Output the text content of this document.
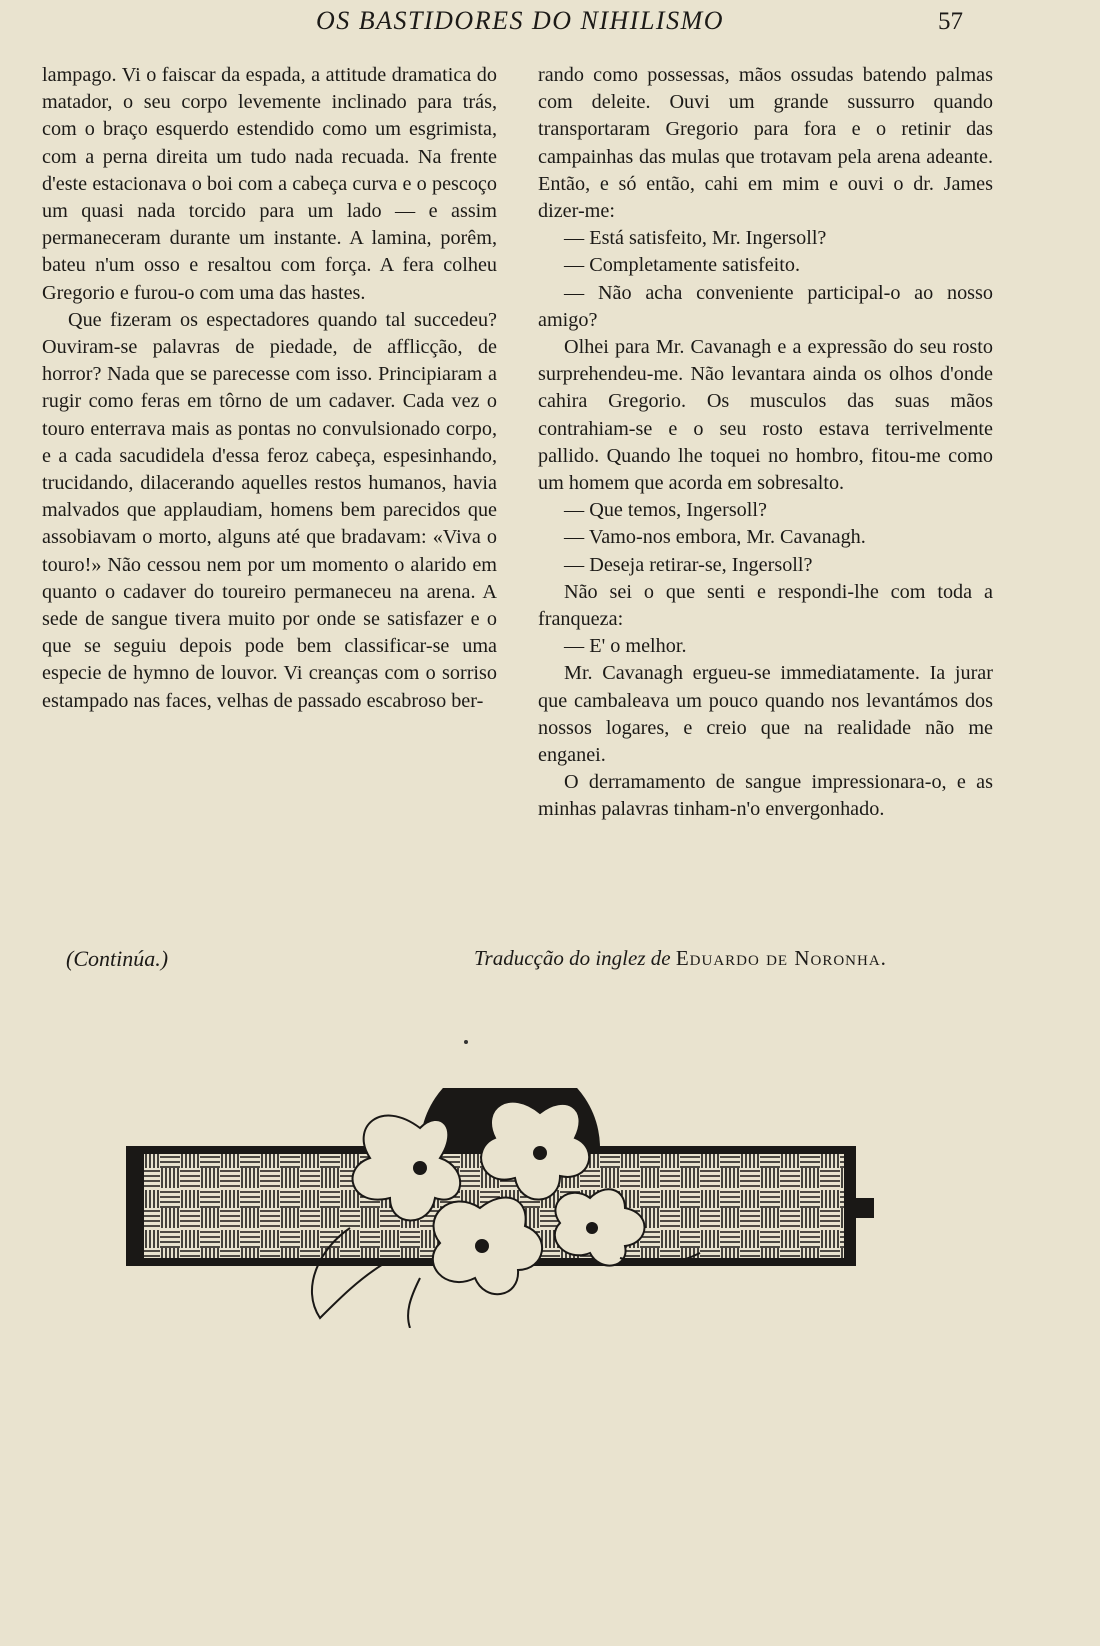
OS BASTIDORES DO NIHILISMO	57

lampago. Vi o faiscar da espada, a attitude dramatica do matador, o seu corpo levemente inclinado para trás, com o braço esquerdo estendido como um esgrimista, com a perna direita um tudo nada recuada. Na frente d'este estacionava o boi com a cabeça curva e o pescoço um quasi nada torcido para um lado — e assim permaneceram durante um instante. A lamina, porêm, bateu n'um osso e resaltou com força. A fera colheu Gregorio e furou-o com uma das hastes.

Que fizeram os espectadores quando tal succedeu? Ouviram-se palavras de piedade, de afflicção, de horror? Nada que se parecesse com isso. Principiaram a rugir como feras em tôrno de um cadaver. Cada vez o touro enterrava mais as pontas no convulsionado corpo, e a cada sacudidela d'essa feroz cabeça, espesinhando, trucidando, dilacerando aquelles restos humanos, havia malvados que applaudiam, homens bem parecidos que assobiavam o morto, alguns até que bradavam: «Viva o touro!» Não cessou nem por um momento o alarido em quanto o cadaver do toureiro permaneceu na arena. A sede de sangue tivera muito por onde se satisfazer e o que se seguiu depois pode bem classificar-se uma especie de hymno de louvor. Vi creanças com o sorriso estampado nas faces, velhas de passado escabroso ber-

rando como possessas, mãos ossudas batendo palmas com deleite. Ouvi um grande sussurro quando transportaram Gregorio para fora e o retinir das campainhas das mulas que trotavam pela arena adeante. Então, e só então, cahi em mim e ouvi o dr. James dizer-me:

— Está satisfeito, Mr. Ingersoll?

— Completamente satisfeito.

— Não acha conveniente participal-o ao nosso amigo?

Olhei para Mr. Cavanagh e a expressão do seu rosto surprehendeu-me. Não levantara ainda os olhos d'onde cahira Gregorio. Os musculos das suas mãos contrahiam-se e o seu rosto estava terrivelmente pallido. Quando lhe toquei no hombro, fitou-me como um homem que acorda em sobresalto.

— Que temos, Ingersoll?

— Vamo-nos embora, Mr. Cavanagh.

— Deseja retirar-se, Ingersoll?

Não sei o que senti e respondi-lhe com toda a franqueza:

— E' o melhor.

Mr. Cavanagh ergueu-se immediatamente. Ia jurar que cambaleava um pouco quando nos levantámos dos nossos logares, e creio que na realidade não me enganei.

O derramamento de sangue impressionara-o, e as minhas palavras tinham-n'o envergonhado.

(Continúa.)	Traducção do inglez de Eduardo de Noronha.
